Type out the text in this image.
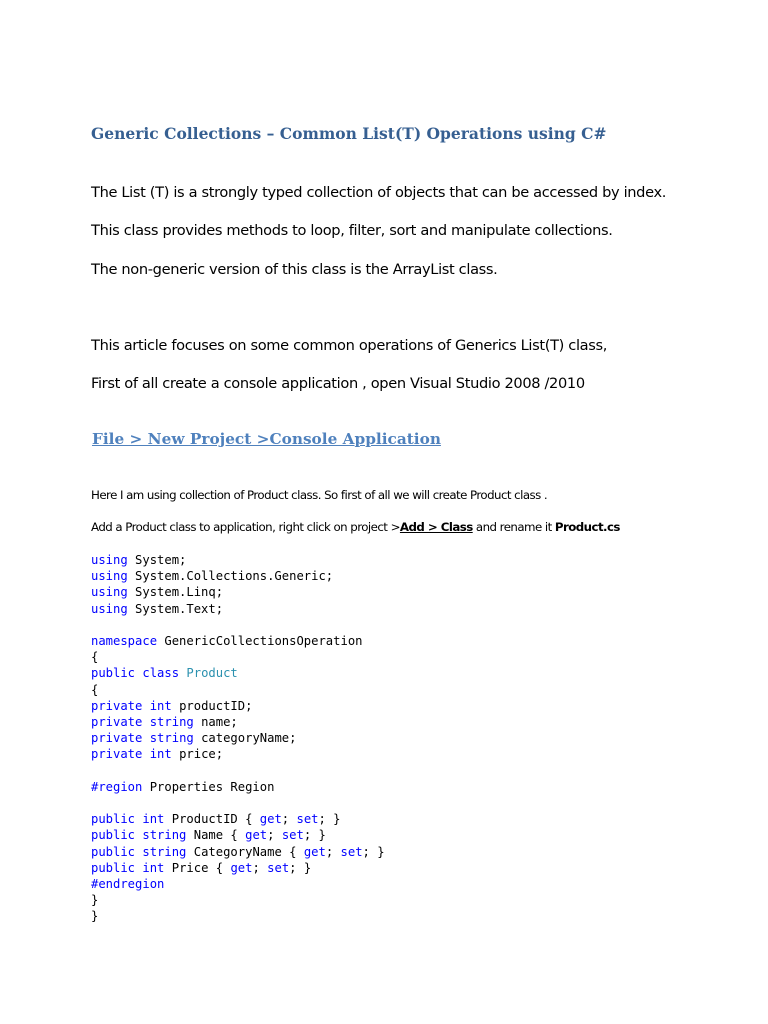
Generic Collections – Common List(T) Operations using C#
The List (T) is a strongly typed collection of objects that can be accessed by index.
This class provides methods to loop, filter, sort and manipulate collections.
The non-generic version of this class is the ArrayList class.
This article focuses on some common operations of Generics List(T) class,
First of all create a console application , open Visual Studio 2008 /2010
File > New Project >Console Application
Here I am using collection of Product class. So first of all we will create Product class .
Add a Product class to application, right click on project >Add > Class and rename it Product.cs
using System;
using System.Collections.Generic;
using System.Linq;
using System.Text;

namespace GenericCollectionsOperation
{
public class Product
{
private int productID;
private string name;
private string categoryName;
private int price;

#region Properties Region

public int ProductID { get; set; }
public string Name { get; set; }
public string CategoryName { get; set; }
public int Price { get; set; }
#endregion
}
}
